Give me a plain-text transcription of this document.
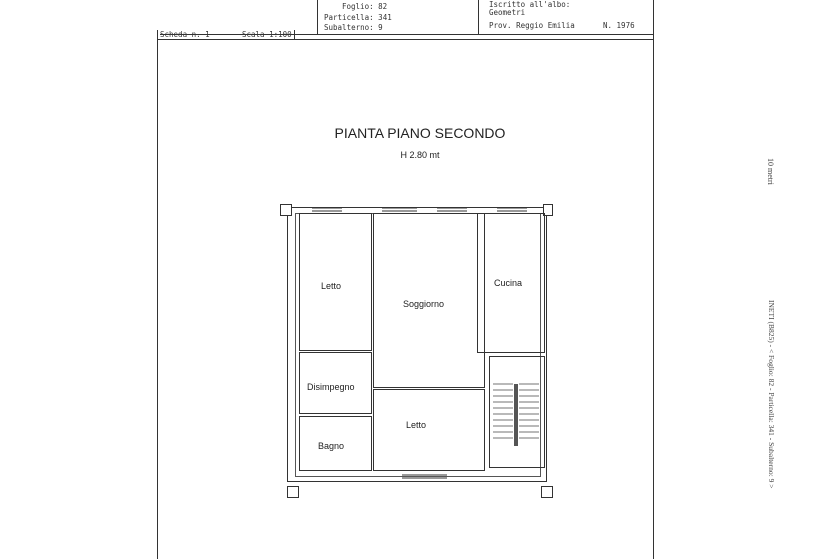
Foglio: 82
Particella: 341
Subalterno: 9
Iscritto all'albo:
Geometri
Prov. Reggio Emilia	N. 1976
Scheda n. 1	Scala 1:100
PIANTA PIANO SECONDO
H 2.80 mt
Letto
Soggiorno
Cucina
Disimpegno
Letto
Bagno
10 metri
INETI (B825) - < Foglio: 82 - Particella: 341 - Subalterno: 9 >
